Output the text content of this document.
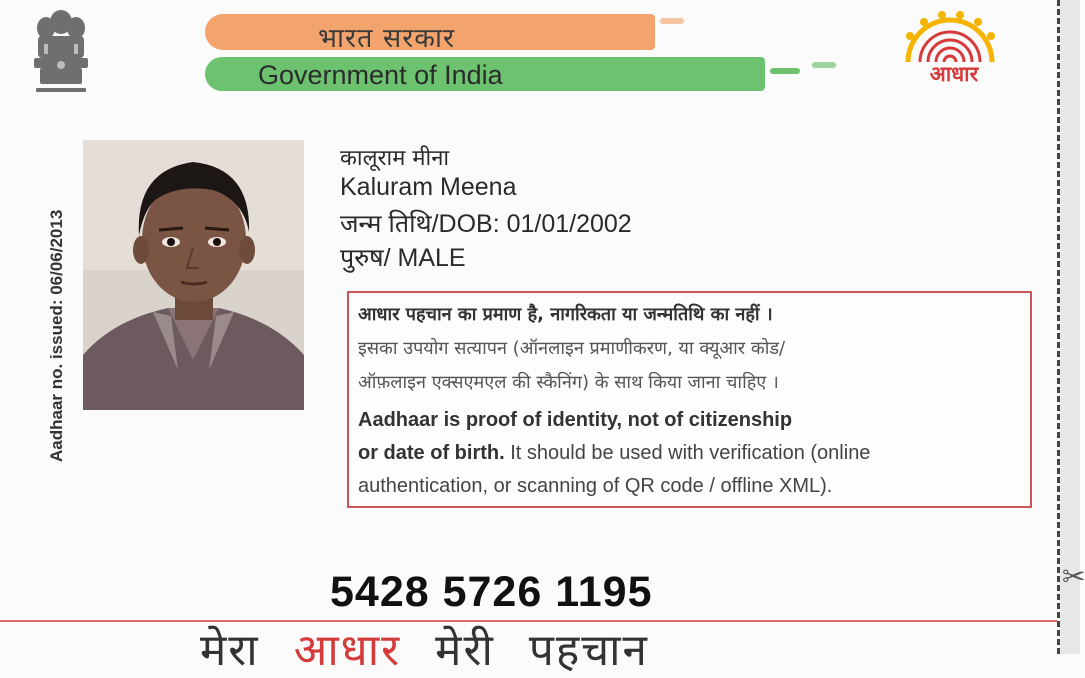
भारत सरकार
Government of India	आधार
Aadhaar no. issued: 06/06/2013
कालूराम मीना
Kaluram Meena
जन्म तिथि/DOB: 01/01/2002
पुरुष/ MALE
आधार पहचान का प्रमाण है, नागरिकता या जन्मतिथि का नहीं ।
इसका उपयोग सत्यापन (ऑनलाइन प्रमाणीकरण, या क्यूआर कोड/
ऑफ़लाइन एक्सएमएल की स्कैनिंग) के साथ किया जाना चाहिए ।
Aadhaar is proof of identity, not of citizenship
or date of birth. It should be used with verification (online
authentication, or scanning of QR code / offline XML).
5428 5726 1195
मेरा आधार मेरी पहचान
✂
